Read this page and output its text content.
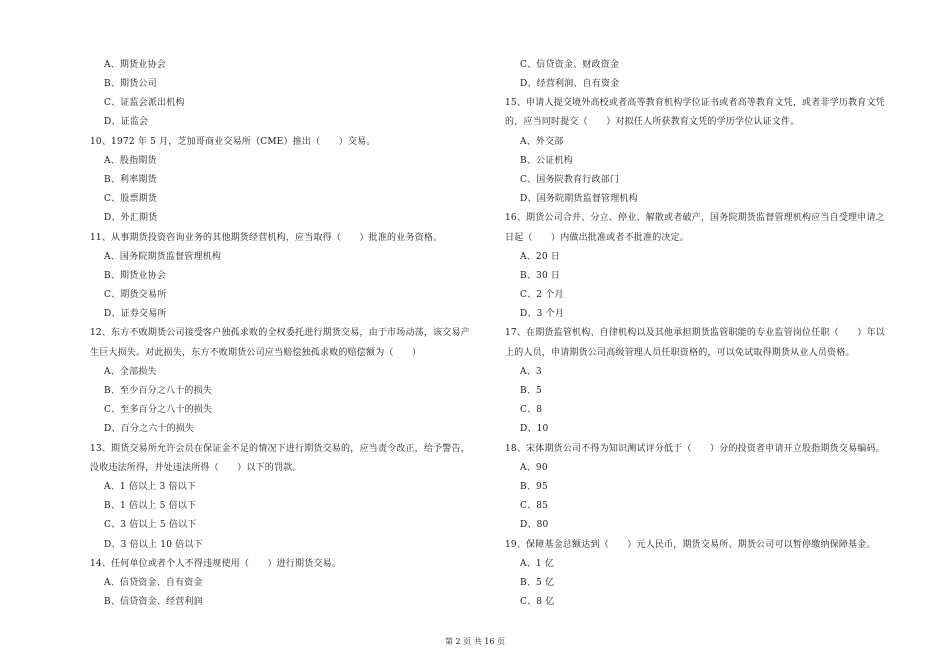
A、期货业协会
B、期货公司
C、证监会派出机构
D、证监会
10、1972 年 5 月，芝加哥商业交易所（CME）推出（　　）交易。
A、股指期货
B、利率期货
C、股票期货
D、外汇期货
11、从事期货投资咨询业务的其他期货经营机构，应当取得（　　）批准的业务资格。
A、国务院期货监督管理机构
B、期货业协会
C、期货交易所
D、证券交易所
12、东方不败期货公司接受客户独孤求败的全权委托进行期货交易，由于市场动荡，该交易产
生巨大损失。对此损失，东方不败期货公司应当赔偿独孤求败的赔偿额为（　　）
A、全部损失
B、至少百分之八十的损失
C、至多百分之八十的损失
D、百分之六十的损失
13、期货交易所允许会员在保证金不足的情况下进行期货交易的，应当责令改正，给予警告，
没收违法所得，并处违法所得（　　）以下的罚款。
A、1 倍以上 3 倍以下
B、1 倍以上 5 倍以下
C、3 倍以上 5 倍以下
D、3 倍以上 10 倍以下
14、任何单位或者个人不得违规使用（　　）进行期货交易。
A、信贷资金、自有资金
B、信贷资金、经营利润
C、信贷资金、财政资金
D、经营利润、自有资金
15、申请人提交境外高校或者高等教育机构学位证书或者高等教育文凭，或者非学历教育文凭
的，应当同时提交（　　）对拟任人所获教育文凭的学历学位认证文件。
A、外交部
B、公证机构
C、国务院教育行政部门
D、国务院期货监督管理机构
16、期货公司合并、分立、停业、解散或者破产，国务院期货监督管理机构应当自受理申请之
日起（　　）内做出批准或者不批准的决定。
A、20 日
B、30 日
C、2 个月
D、3 个月
17、在期货监管机构、自律机构以及其他承担期货监管职能的专业监管岗位任职（　　）年以
上的人员，申请期货公司高级管理人员任职资格的，可以免试取得期货从业人员资格。
A、3
B、5
C、8
D、10
18、宋体期货公司不得为知识测试评分低于（　　）分的投资者申请开立股指期货交易编码。
A、90
B、95
C、85
D、80
19、保障基金总额达到（　　）元人民币，期货交易所、期货公司可以暂停缴纳保障基金。
A、1 亿
B、5 亿
C、8 亿
第 2 页 共 16 页
